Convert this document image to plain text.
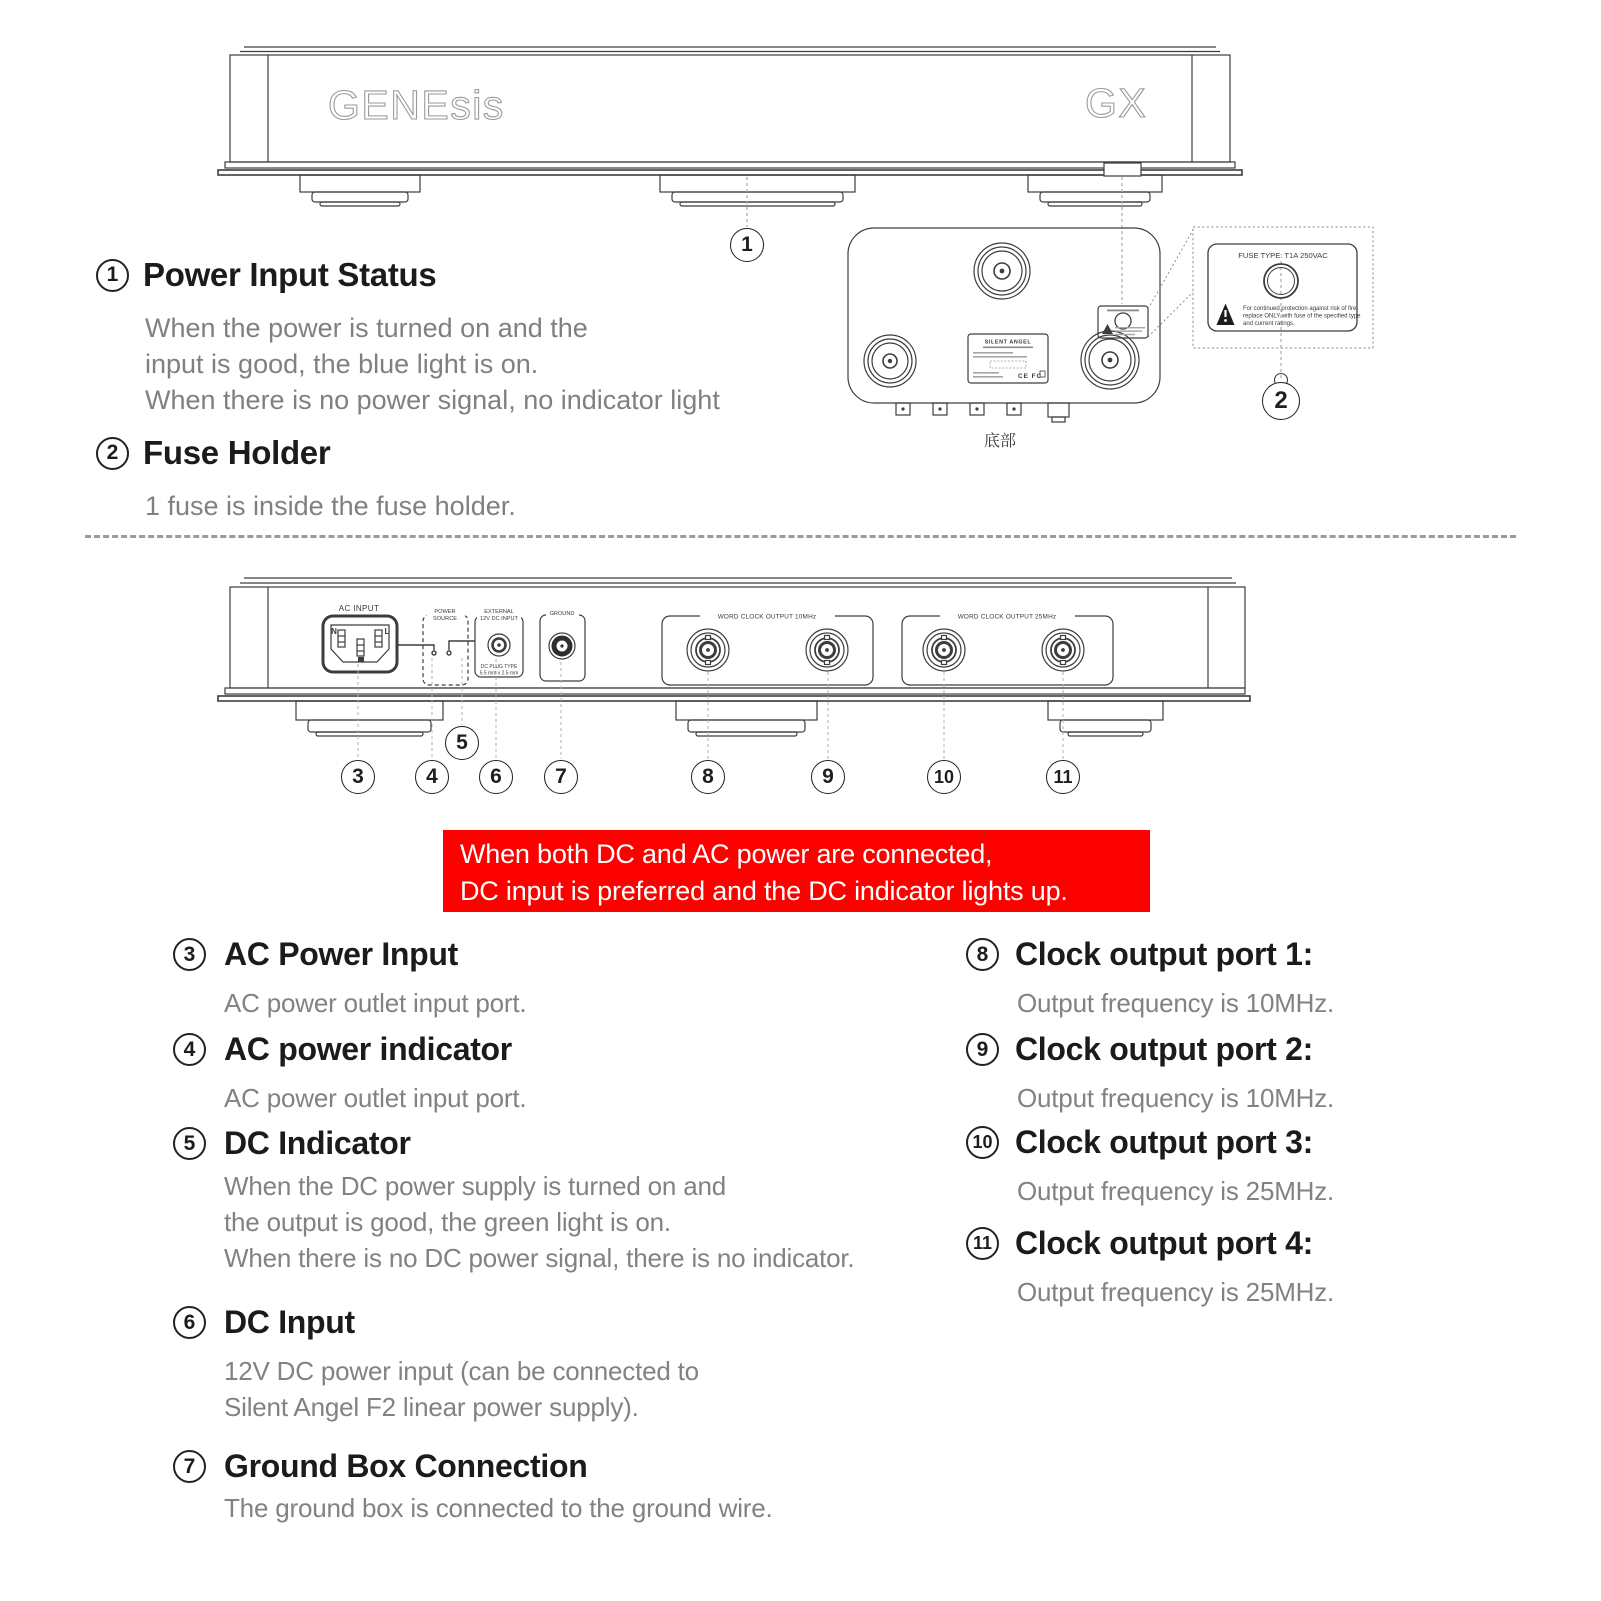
AC INPUT	POWER
SOURCE
EXTERNAL
12V DC INPUT
DC PLUG TYPE
5.5 mm x 2.5 mm
GROUND	WORD CLOCK OUTPUT 10MHz	WORD CLOCK OUTPUT 25MHz
N	L
FUSE TYPE: T1A 250VAC
For continued protection against risk of fire,
replace ONLY with fuse of the specified type
and current ratings.
SILENT ANGEL
CE FC
底部
GENEsis	GX
1
2
3	4
5
6	7	8	9	10	11
1 Power Input Status
When the power is turned on and the
input is good, the blue light is on.
When there is no power signal, no indicator light
2 Fuse Holder
1 fuse is inside the fuse holder.
When both DC and AC power are connected,
DC input is preferred and the DC indicator lights up.
3 AC Power Input
AC power outlet input port.
4 AC power indicator
AC power outlet input port.
5 DC Indicator
When the DC power supply is turned on and
the output is good, the green light is on.
When there is no DC power signal, there is no indicator.
6 DC Input
12V DC power input (can be connected to
Silent Angel F2 linear power supply).
7 Ground Box Connection
The ground box is connected to the ground wire.
8 Clock output port 1:
Output frequency is 10MHz.
9 Clock output port 2:
Output frequency is 10MHz.
10 Clock output port 3:
Output frequency is 25MHz.
11 Clock output port 4:
Output frequency is 25MHz.
